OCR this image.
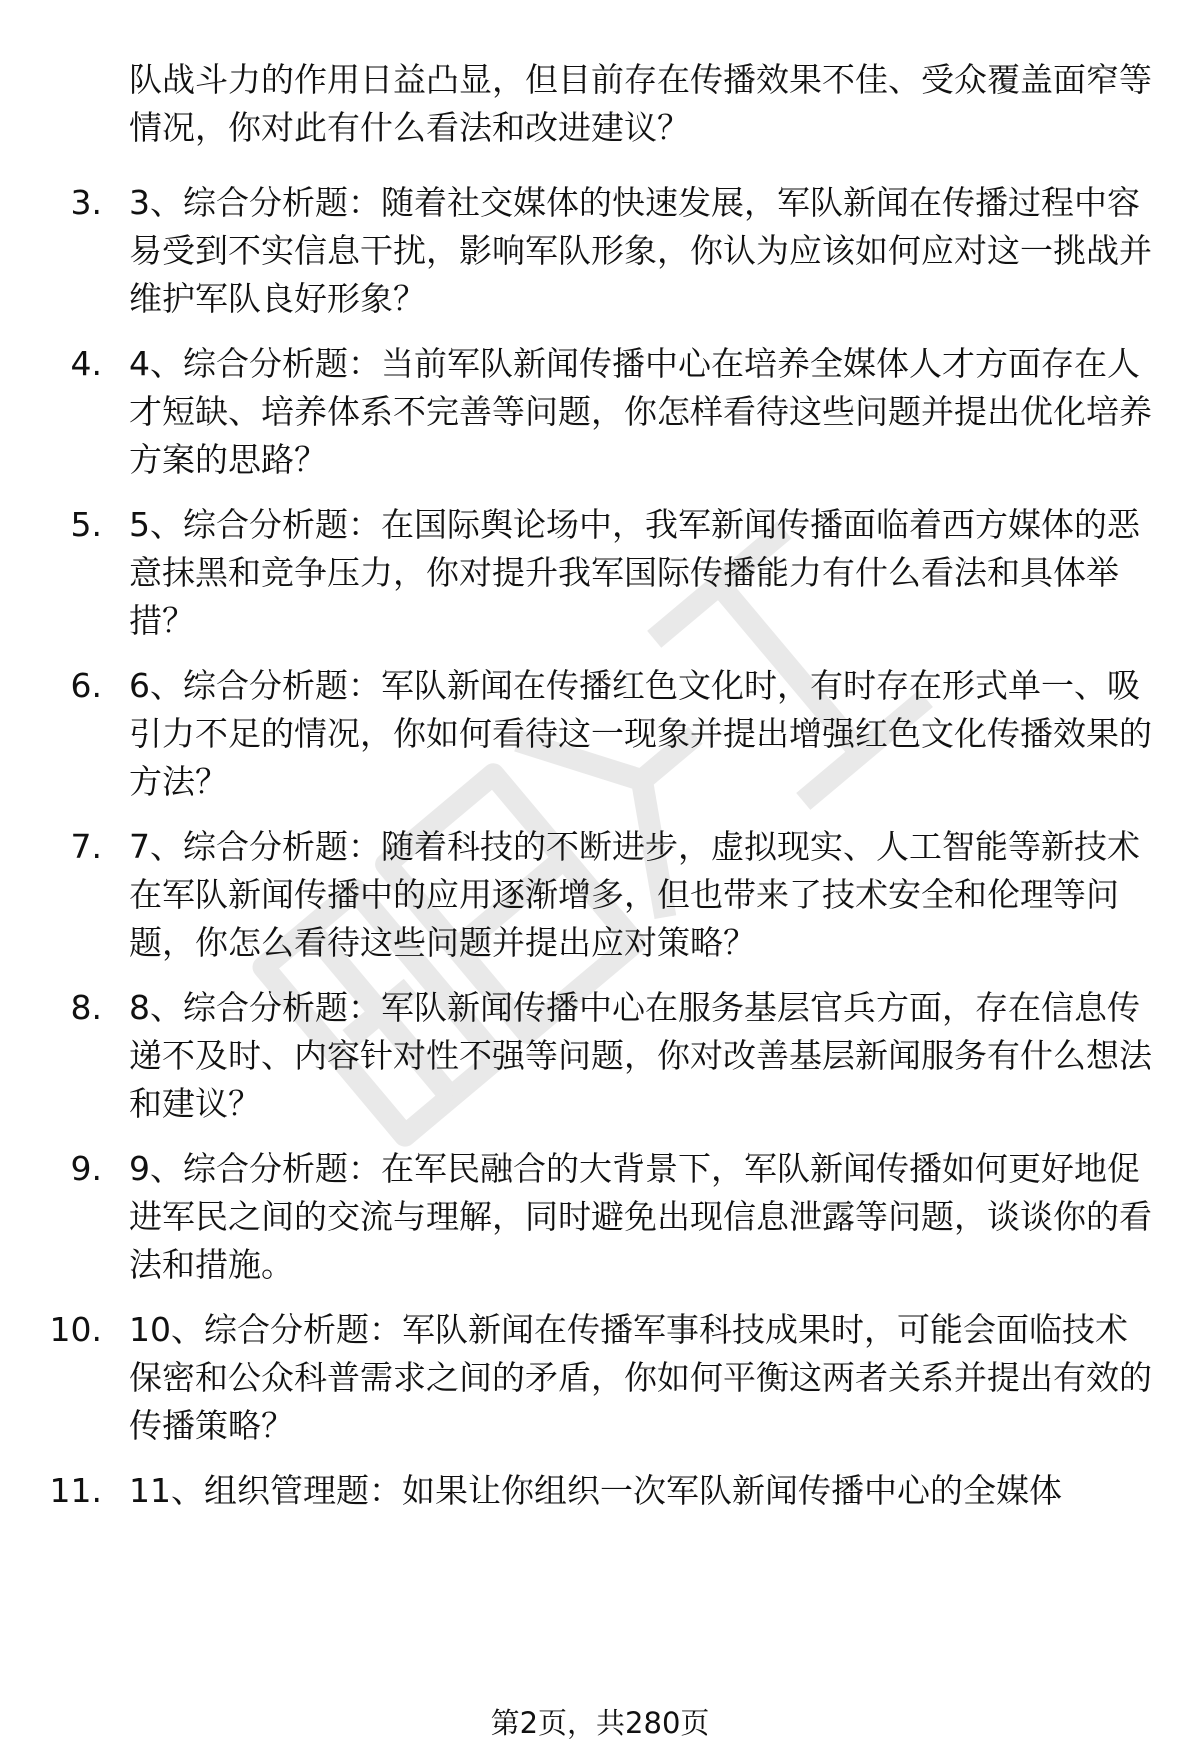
队战斗力的作用日益凸显，但目前存在传播效果不佳、受众覆盖面窄等情况，你对此有什么看法和改进建议？

3. 3、综合分析题：随着社交媒体的快速发展，军队新闻在传播过程中容易受到不实信息干扰，影响军队形象，你认为应该如何应对这一挑战并维护军队良好形象？

4. 4、综合分析题：当前军队新闻传播中心在培养全媒体人才方面存在人才短缺、培养体系不完善等问题，你怎样看待这些问题并提出优化培养方案的思路？

5. 5、综合分析题：在国际舆论场中，我军新闻传播面临着西方媒体的恶意抹黑和竞争压力，你对提升我军国际传播能力有什么看法和具体举措？

6. 6、综合分析题：军队新闻在传播红色文化时，有时存在形式单一、吸引力不足的情况，你如何看待这一现象并提出增强红色文化传播效果的方法？

7. 7、综合分析题：随着科技的不断进步，虚拟现实、人工智能等新技术在军队新闻传播中的应用逐渐增多，但也带来了技术安全和伦理等问题，你怎么看待这些问题并提出应对策略？

8. 8、综合分析题：军队新闻传播中心在服务基层官兵方面，存在信息传递不及时、内容针对性不强等问题，你对改善基层新闻服务有什么想法和建议？

9. 9、综合分析题：在军民融合的大背景下，军队新闻传播如何更好地促进军民之间的交流与理解，同时避免出现信息泄露等问题，谈谈你的看法和措施。

10. 10、综合分析题：军队新闻在传播军事科技成果时，可能会面临技术保密和公众科普需求之间的矛盾，你如何平衡这两者关系并提出有效的传播策略？

11. 11、组织管理题：如果让你组织一次军队新闻传播中心的全媒体

第2页，共280页
